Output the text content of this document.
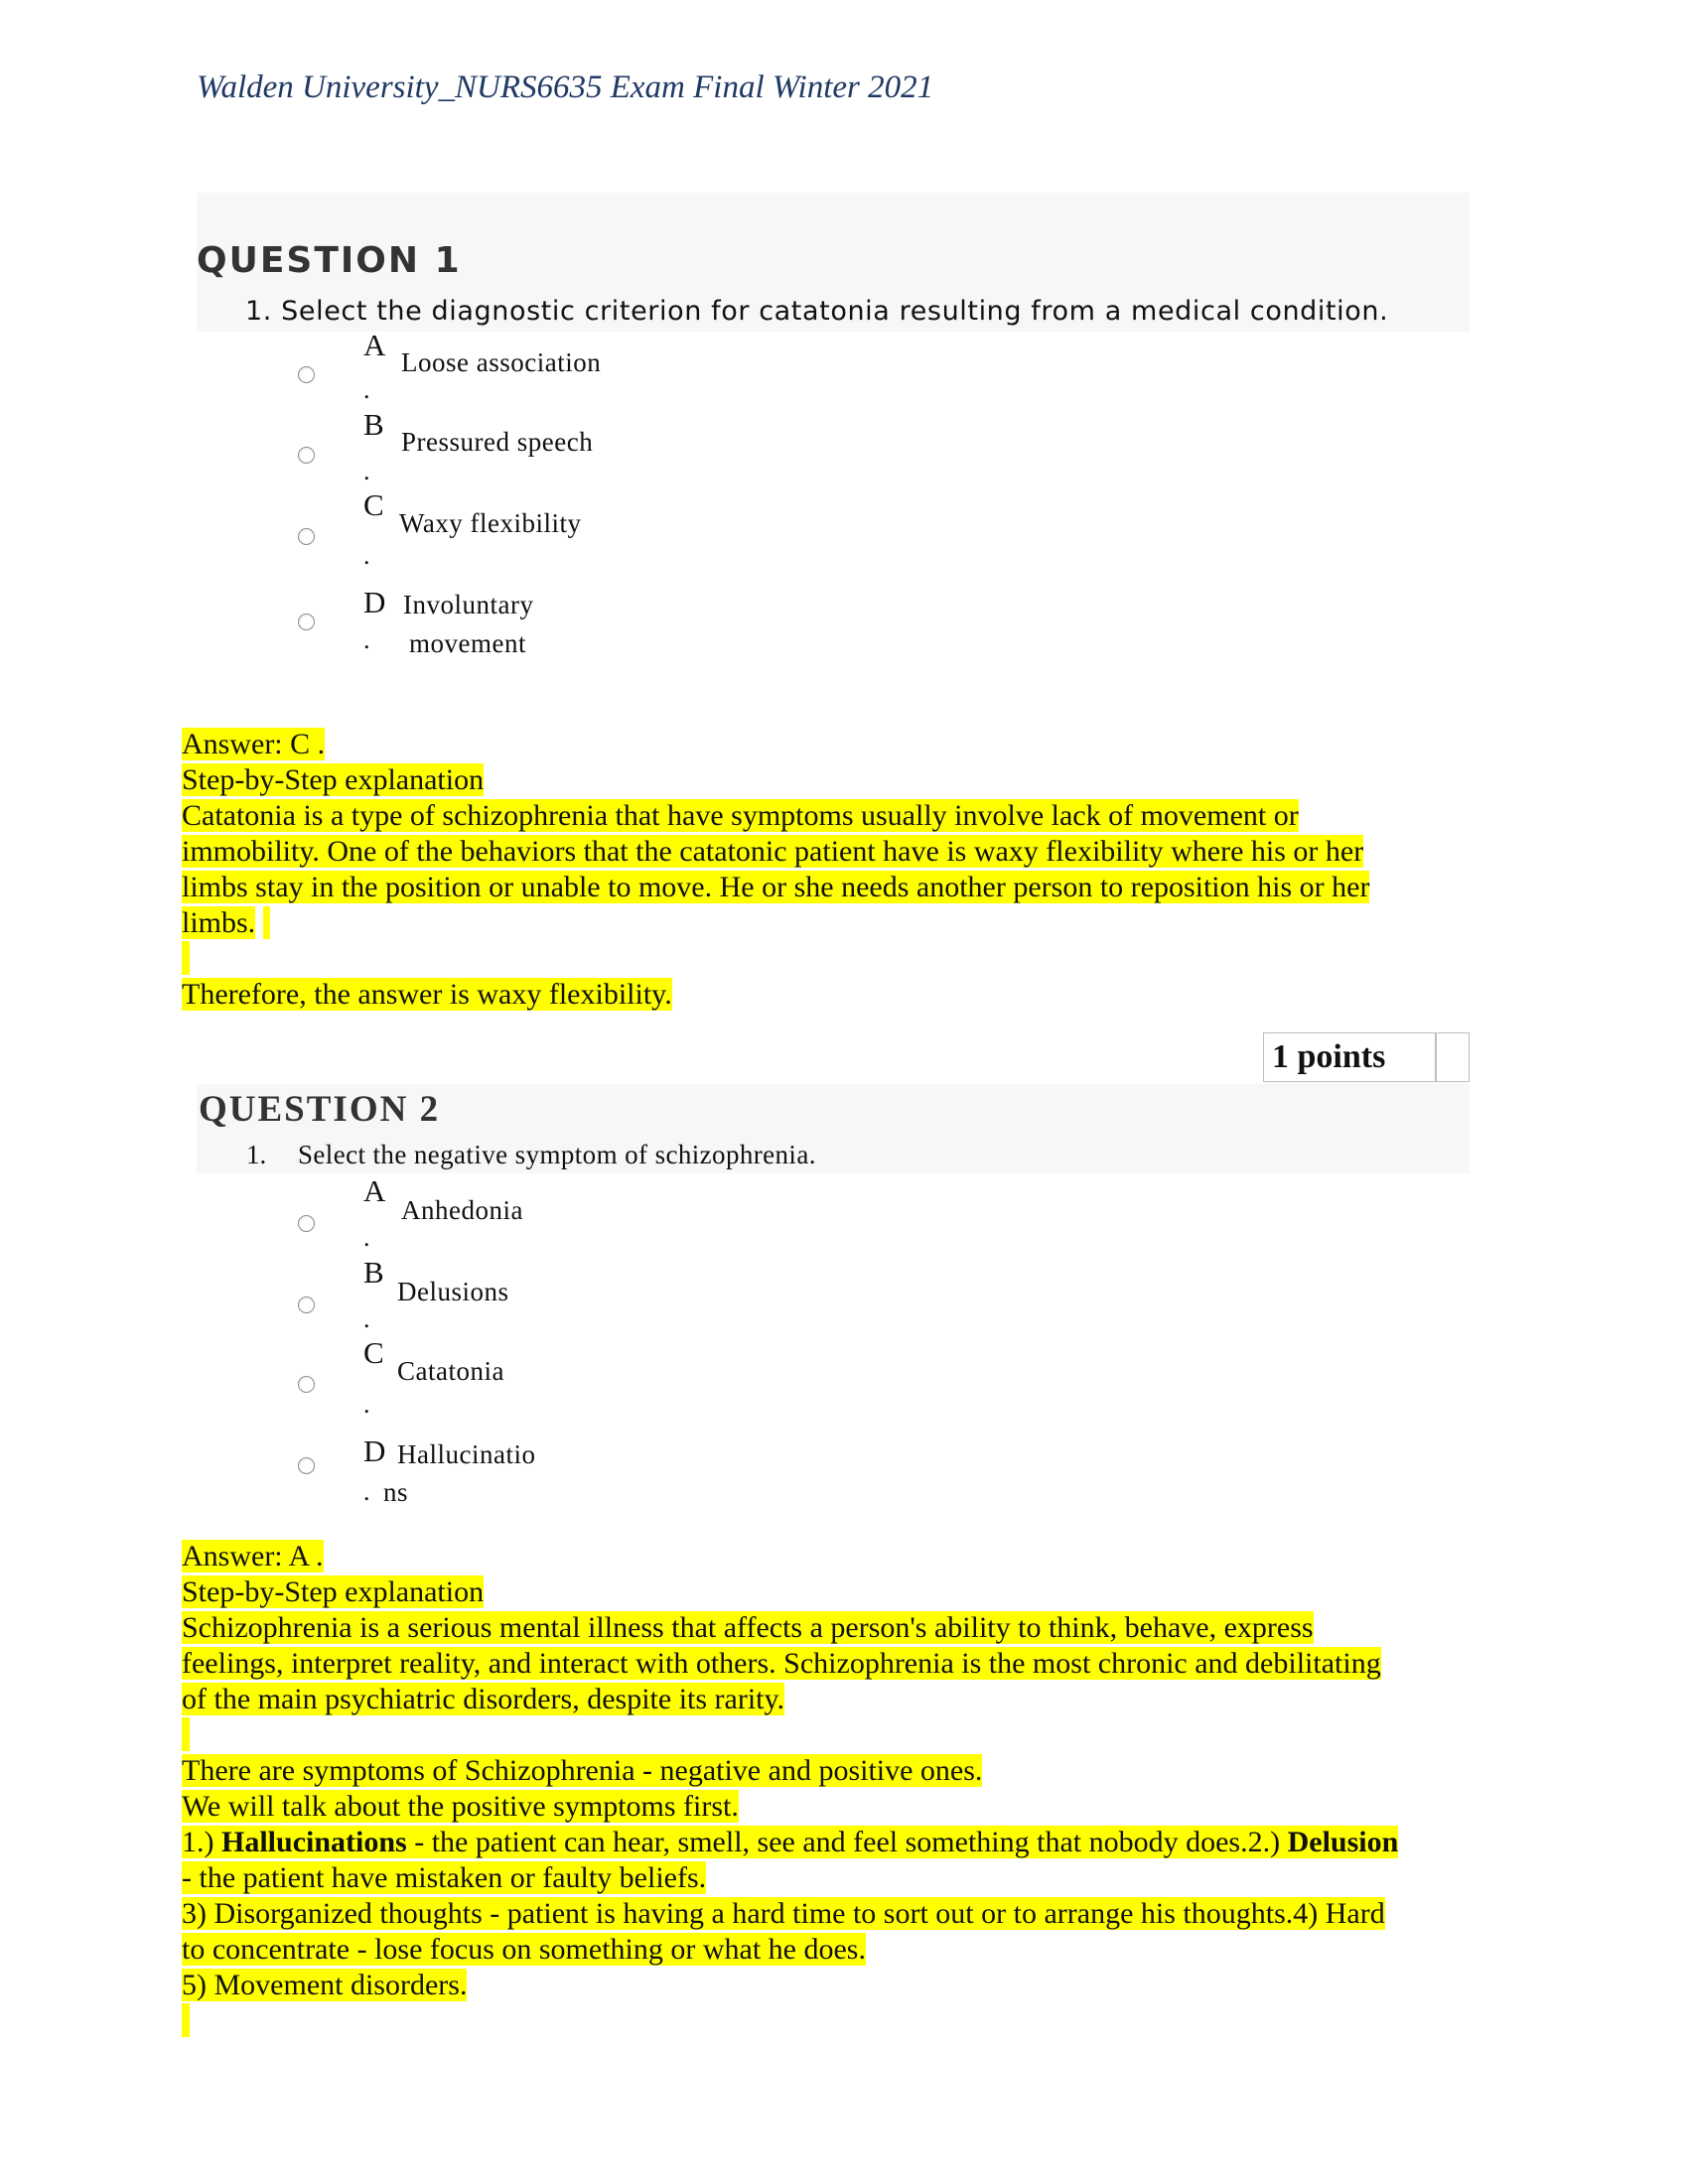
Walden University_NURS6635 Exam Final Winter 2021
QUESTION 1
1. Select the diagnostic criterion for catatonia resulting from a medical condition.
A
.
Loose association
B
.
Pressured speech
C
.
Waxy flexibility
D
.
Involuntary
movement
Answer: C .
Step-by-Step explanation
Catatonia is a type of schizophrenia that have symptoms usually involve lack of movement or
immobility. One of the behaviors that the catatonic patient have is waxy flexibility where his or her
limbs stay in the position or unable to move. He or she needs another person to reposition his or her
limbs.
Therefore, the answer is waxy flexibility.
1 points
QUESTION 2
1. Select the negative symptom of schizophrenia.
A
.
Anhedonia
B
.
Delusions
C
.
Catatonia
D
.
Hallucinatio
ns
Answer: A .
Step-by-Step explanation
Schizophrenia is a serious mental illness that affects a person's ability to think, behave, express
feelings, interpret reality, and interact with others. Schizophrenia is the most chronic and debilitating
of the main psychiatric disorders, despite its rarity.
There are symptoms of Schizophrenia - negative and positive ones.
We will talk about the positive symptoms first.
1.) Hallucinations - the patient can hear, smell, see and feel something that nobody does.2.) Delusion
- the patient have mistaken or faulty beliefs.
3) Disorganized thoughts - patient is having a hard time to sort out or to arrange his thoughts.4) Hard
to concentrate - lose focus on something or what he does.
5) Movement disorders.
